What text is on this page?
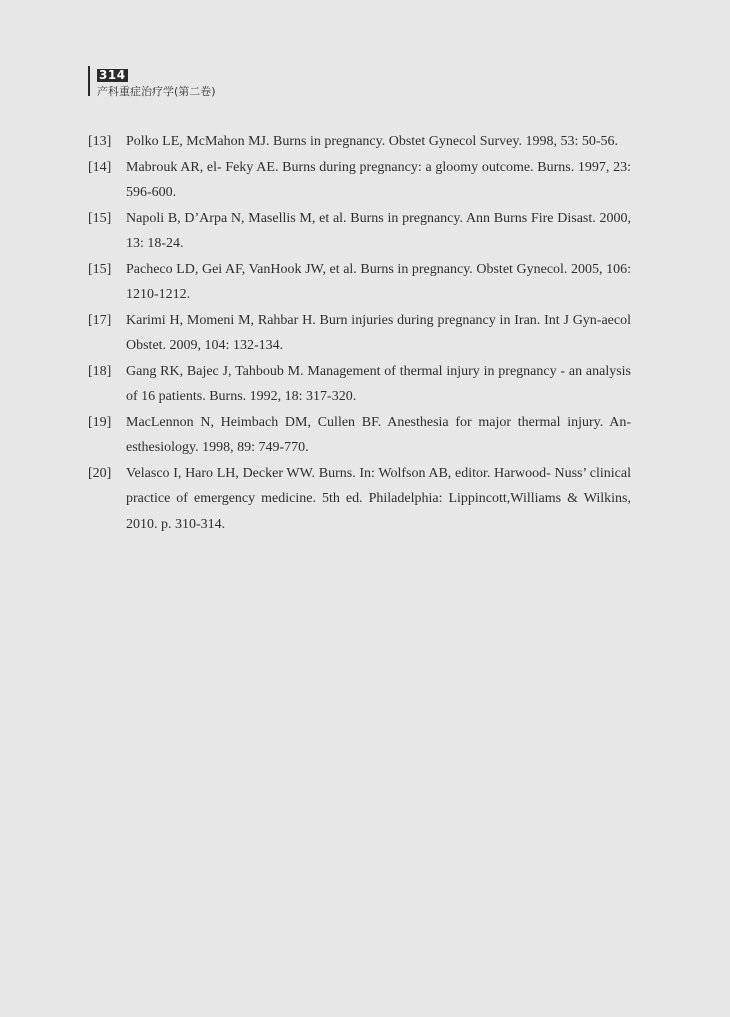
314
产科重症治疗学(第二卷)
[13] Polko LE, McMahon MJ. Burns in pregnancy. Obstet Gynecol Survey. 1998, 53: 50-56.
[14] Mabrouk AR, el- Feky AE. Burns during pregnancy: a gloomy outcome. Burns. 1997, 23: 596-600.
[15] Napoli B, D’Arpa N, Masellis M, et al. Burns in pregnancy. Ann Burns Fire Disast. 2000, 13: 18-24.
[15] Pacheco LD, Gei AF, VanHook JW, et al. Burns in pregnancy. Obstet Gynecol. 2005, 106: 1210-1212.
[17] Karimi H, Momeni M, Rahbar H. Burn injuries during pregnancy in Iran. Int J Gyn-aecol Obstet. 2009, 104: 132-134.
[18] Gang RK, Bajec J, Tahboub M. Management of thermal injury in pregnancy - an analysis of 16 patients. Burns. 1992, 18: 317-320.
[19] MacLennon N, Heimbach DM, Cullen BF. Anesthesia for major thermal injury. An-esthesiology. 1998, 89: 749-770.
[20] Velasco I, Haro LH, Decker WW. Burns. In: Wolfson AB, editor. Harwood- Nuss’ clinical practice of emergency medicine. 5th ed. Philadelphia: Lippincott,Williams & Wilkins, 2010. p. 310-314.
